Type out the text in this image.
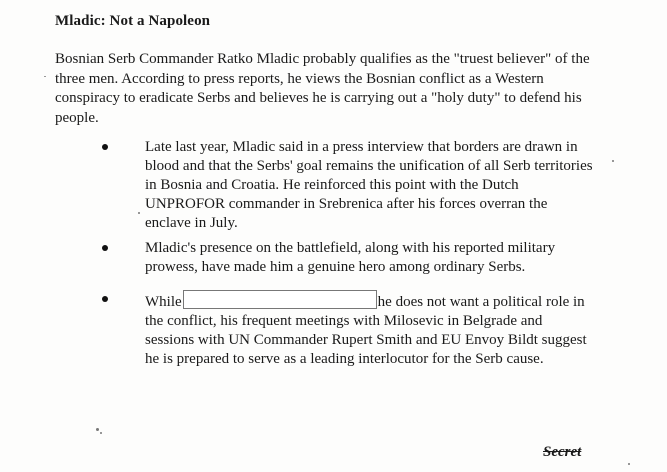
Mladic: Not a Napoleon
Bosnian Serb Commander Ratko Mladic probably qualifies as the "truest believer" of the three men. According to press reports, he views the Bosnian conflict as a Western conspiracy to eradicate Serbs and believes he is carrying out a "holy duty" to defend his people.
Late last year, Mladic said in a press interview that borders are drawn in blood and that the Serbs' goal remains the unification of all Serb territories in Bosnia and Croatia. He reinforced this point with the Dutch UNPROFOR commander in Srebrenica after his forces overran the enclave in July.
Mladic's presence on the battlefield, along with his reported military prowess, have made him a genuine hero among ordinary Serbs.
While	he does not want a political role in the conflict, his frequent meetings with Milosevic in Belgrade and sessions with UN Commander Rupert Smith and EU Envoy Bildt suggest he is prepared to serve as a leading interlocutor for the Serb cause.
Secret
